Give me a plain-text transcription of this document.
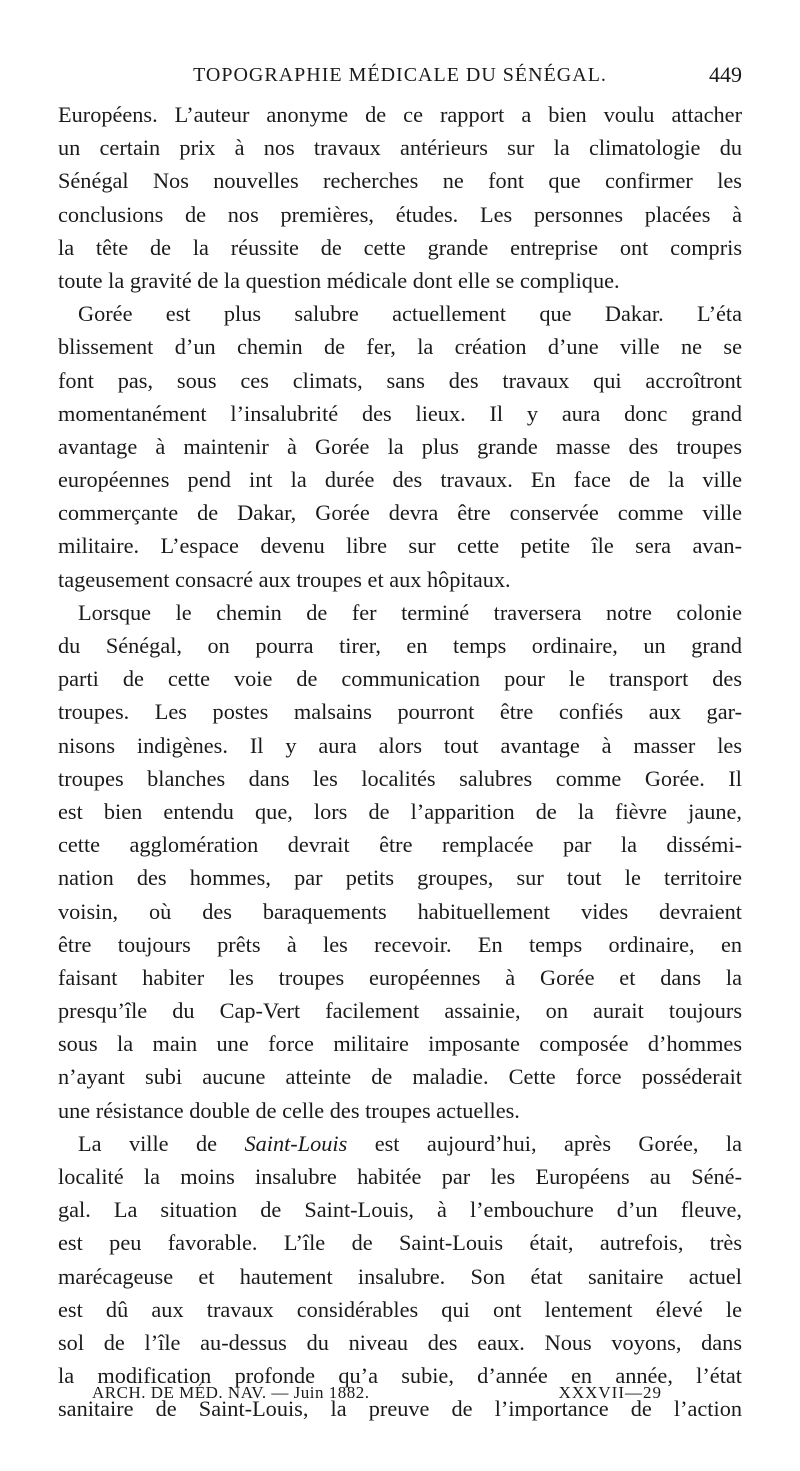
TOPOGRAPHIE MÉDICALE DU SÉNÉGAL.	449
Européens. L’auteur anonyme de ce rapport a bien voulu attacher
un certain prix à nos travaux antérieurs sur la climatologie du
Sénégal Nos nouvelles recherches ne font que confirmer les
conclusions de nos premières, études. Les personnes placées à
la tête de la réussite de cette grande entreprise ont compris
toute la gravité de la question médicale dont elle se complique.
Gorée est plus salubre actuellement que Dakar. L’éta
blissement d’un chemin de fer, la création d’une ville ne se
font pas, sous ces climats, sans des travaux qui accroîtront
momentanément l’insalubrité des lieux. Il y aura donc grand
avantage à maintenir à Gorée la plus grande masse des troupes
européennes pend int la durée des travaux. En face de la ville
commerçante de Dakar, Gorée devra être conservée comme ville
militaire. L’espace devenu libre sur cette petite île sera avan-
tageusement consacré aux troupes et aux hôpitaux.
Lorsque le chemin de fer terminé traversera notre colonie
du Sénégal, on pourra tirer, en temps ordinaire, un grand
parti de cette voie de communication pour le transport des
troupes. Les postes malsains pourront être confiés aux gar-
nisons indigènes. Il y aura alors tout avantage à masser les
troupes blanches dans les localités salubres comme Gorée. Il
est bien entendu que, lors de l’apparition de la fièvre jaune,
cette agglomération devrait être remplacée par la dissémi-
nation des hommes, par petits groupes, sur tout le territoire
voisin, où des baraquements habituellement vides devraient
être toujours prêts à les recevoir. En temps ordinaire, en
faisant habiter les troupes européennes à Gorée et dans la
presqu’île du Cap-Vert facilement assainie, on aurait toujours
sous la main une force militaire imposante composée d’hommes
n’ayant subi aucune atteinte de maladie. Cette force posséderait
une résistance double de celle des troupes actuelles.
La ville de Saint-Louis est aujourd’hui, après Gorée, la
localité la moins insalubre habitée par les Européens au Séné-
gal. La situation de Saint-Louis, à l’embouchure d’un fleuve,
est peu favorable. L’île de Saint-Louis était, autrefois, très
marécageuse et hautement insalubre. Son état sanitaire actuel
est dû aux travaux considérables qui ont lentement élevé le
sol de l’île au-dessus du niveau des eaux. Nous voyons, dans
la modification profonde qu’a subie, d’année en année, l’état
sanitaire de Saint-Louis, la preuve de l’importance de l’action
ARCH. DE MÉD. NAV. — Juin 1882.	XXXVII—29
